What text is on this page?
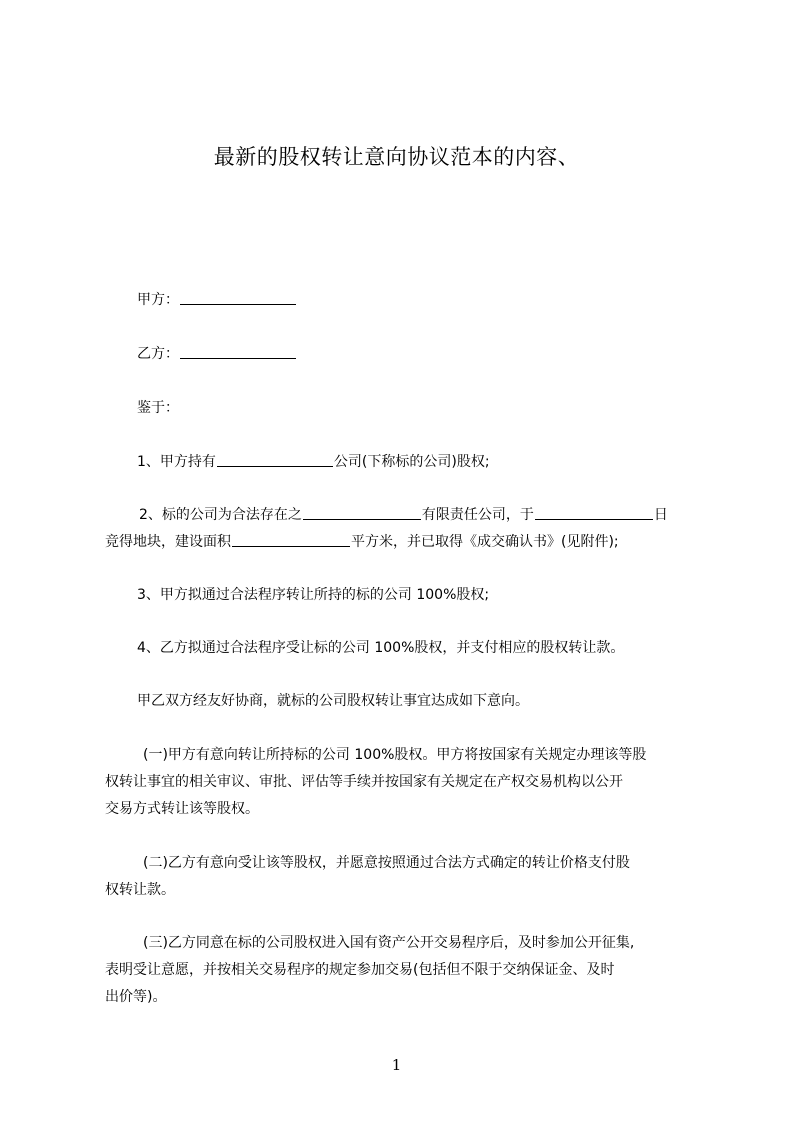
最新的股权转让意向协议范本的内容、
甲方：
乙方：
鉴于：
1、甲方持有	公司(下称标的公司)股权;
2、标的公司为合法存在之	有限责任公司，于	日
竞得地块，建设面积	平方米，并已取得《成交确认书》(见附件);
3、甲方拟通过合法程序转让所持的标的公司 100%股权;
4、乙方拟通过合法程序受让标的公司 100%股权，并支付相应的股权转让款。
甲乙双方经友好协商，就标的公司股权转让事宜达成如下意向。
(一)甲方有意向转让所持标的公司 100%股权。甲方将按国家有关规定办理该等股
权转让事宜的相关审议、审批、评估等手续并按国家有关规定在产权交易机构以公开
交易方式转让该等股权。
(二)乙方有意向受让该等股权，并愿意按照通过合法方式确定的转让价格支付股
权转让款。
(三)乙方同意在标的公司股权进入国有资产公开交易程序后，及时参加公开征集,
表明受让意愿，并按相关交易程序的规定参加交易(包括但不限于交纳保证金、及时
出价等)。
1
